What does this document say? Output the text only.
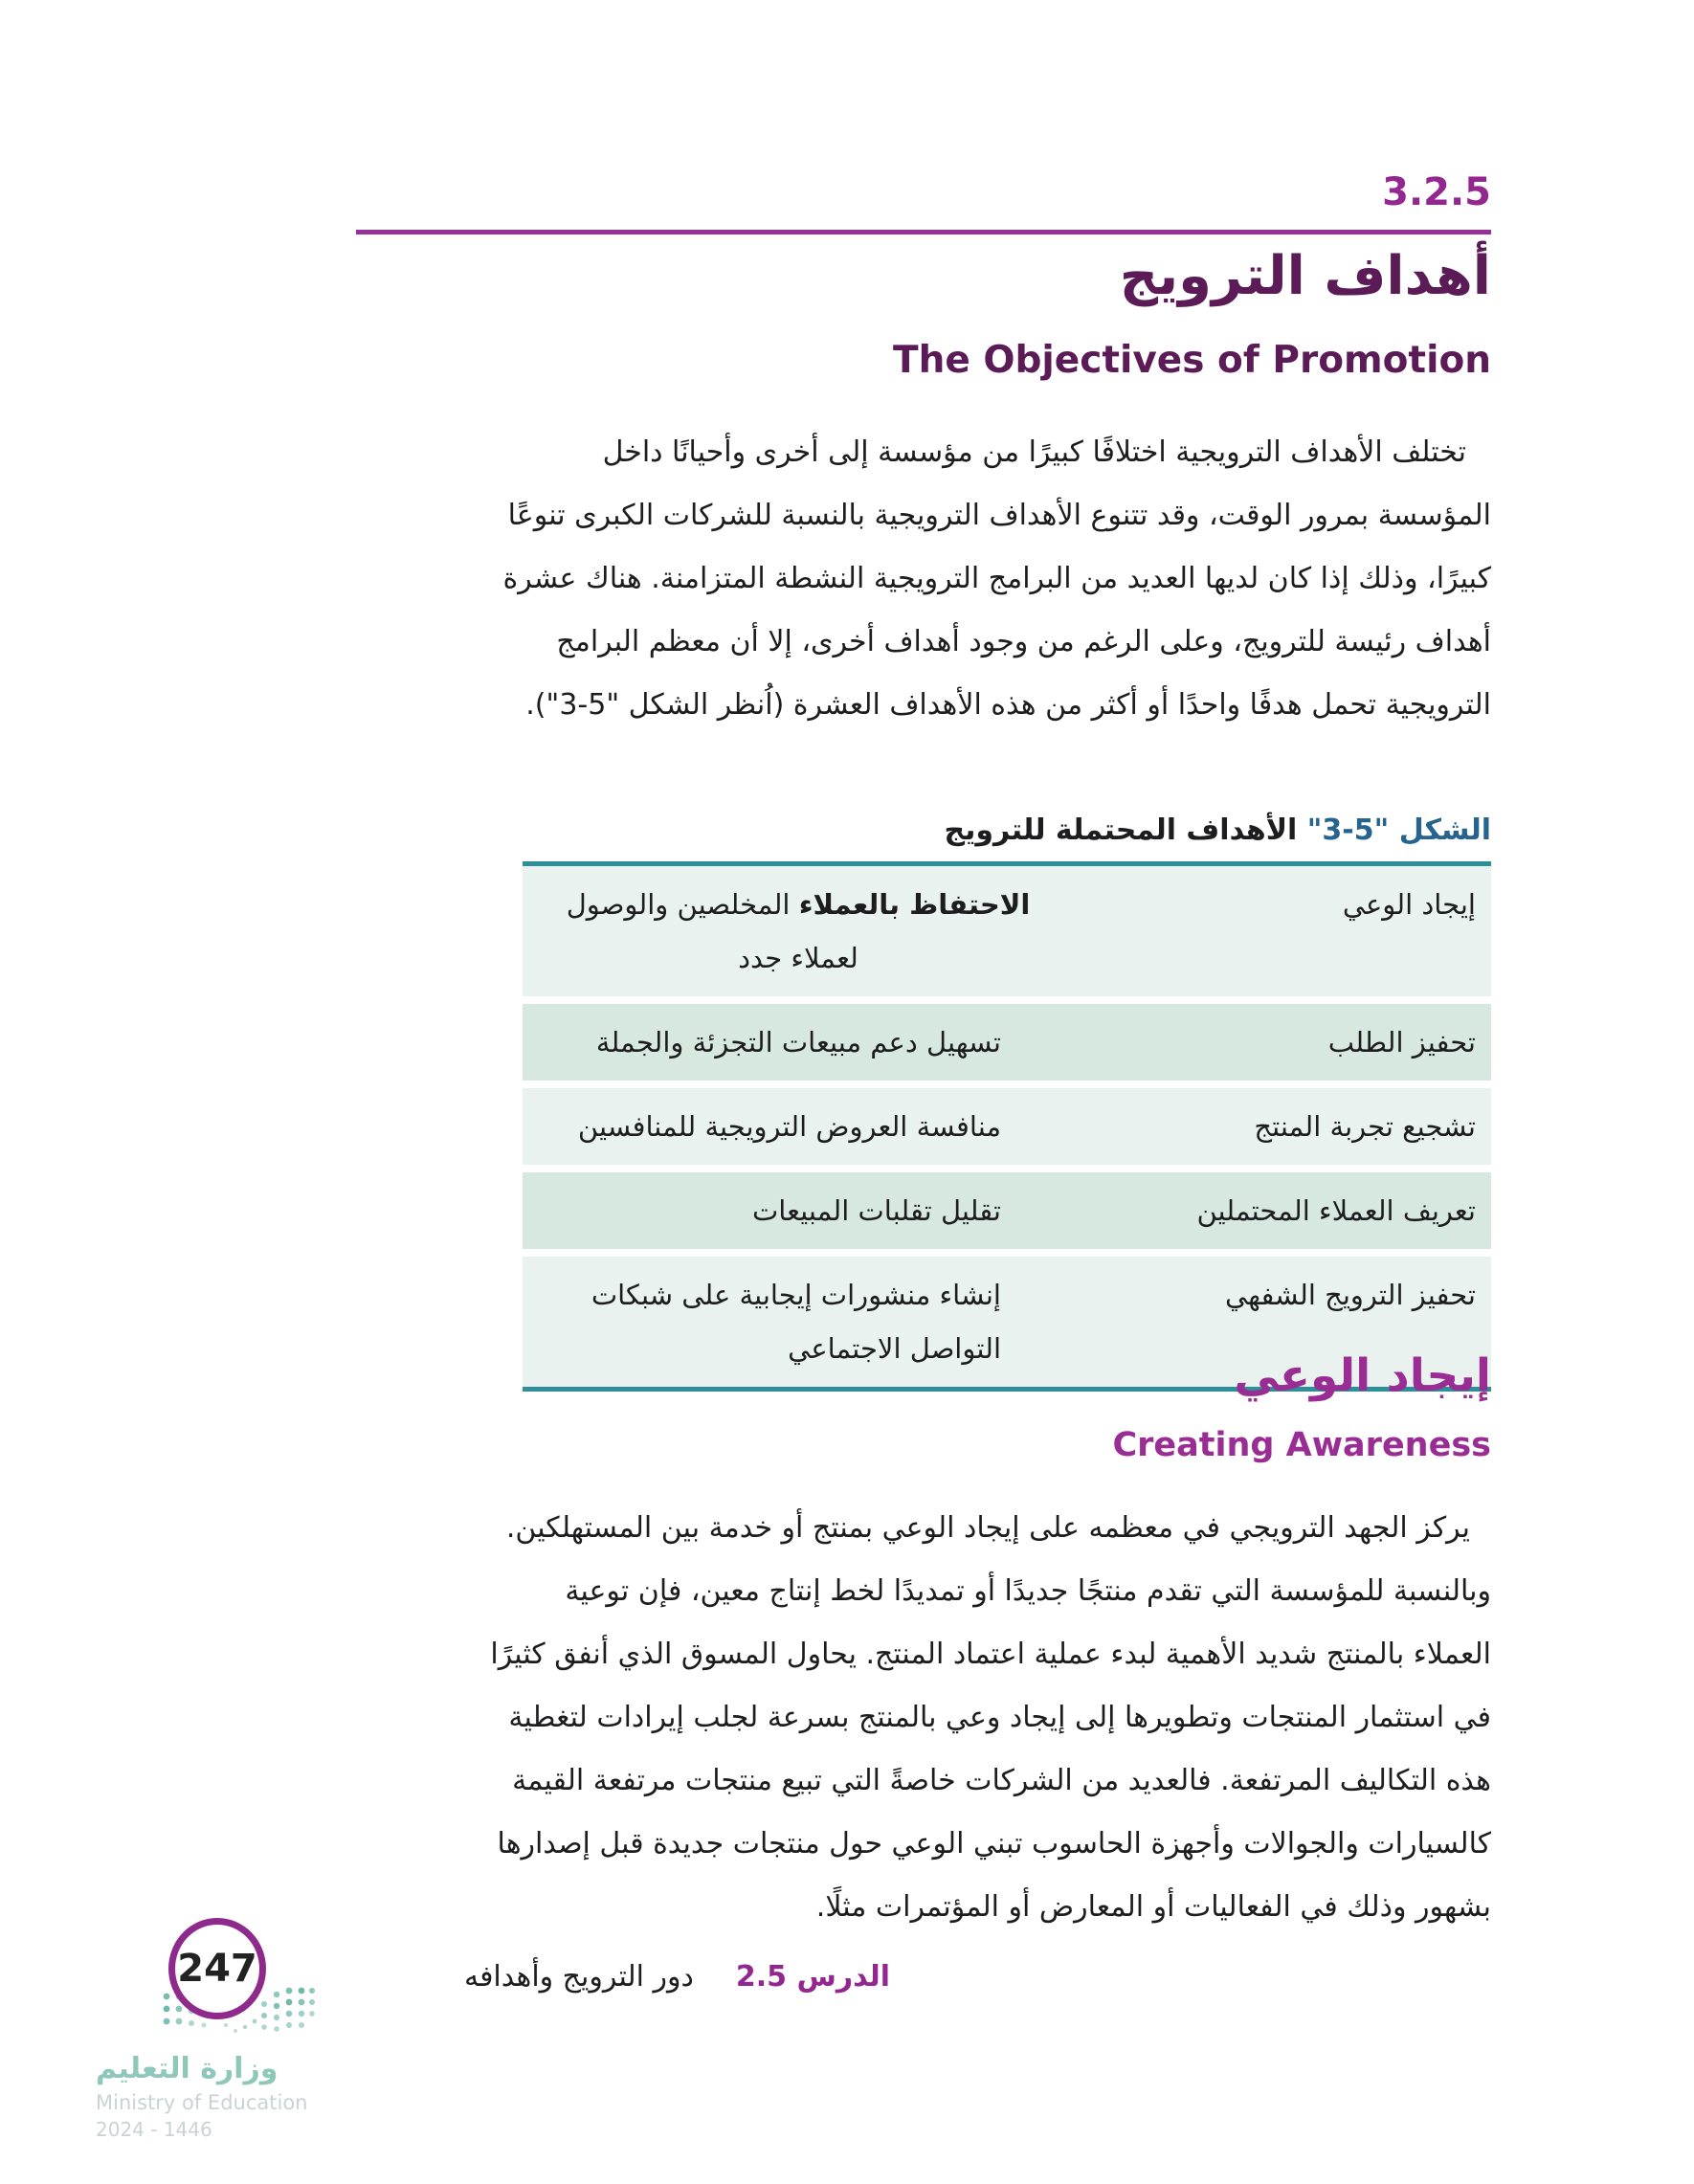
3.2.5
أهداف الترويج
The Objectives of Promotion

تختلف الأهداف الترويجية اختلافًا كبيرًا من مؤسسة إلى أخرى وأحيانًا داخل المؤسسة بمرور الوقت، وقد تتنوع الأهداف الترويجية بالنسبة للشركات الكبرى تنوعًا كبيرًا، وذلك إذا كان لديها العديد من البرامج الترويجية النشطة المتزامنة. هناك عشرة أهداف رئيسة للترويج، وعلى الرغم من وجود أهداف أخرى، إلا أن معظم البرامج الترويجية تحمل هدفًا واحدًا أو أكثر من هذه الأهداف العشرة (اُنظر الشكل "5-3").

الشكل "5-3" الأهداف المحتملة للترويج
إيجاد الوعي
الاحتفاظ بالعملاء المخلصين والوصول
لعملاء جدد
تحفيز الطلب
تسهيل دعم مبيعات التجزئة والجملة
تشجيع تجربة المنتج
منافسة العروض الترويجية للمنافسين
تعريف العملاء المحتملين
تقليل تقلبات المبيعات
تحفيز الترويج الشفهي
إنشاء منشورات إيجابية على شبكات
التواصل الاجتماعي
إيجاد الوعي
Creating Awareness

يركز الجهد الترويجي في معظمه على إيجاد الوعي بمنتج أو خدمة بين المستهلكين. وبالنسبة للمؤسسة التي تقدم منتجًا جديدًا أو تمديدًا لخط إنتاج معين، فإن توعية العملاء بالمنتج شديد الأهمية لبدء عملية اعتماد المنتج. يحاول المسوق الذي أنفق كثيرًا في استثمار المنتجات وتطويرها إلى إيجاد وعي بالمنتج بسرعة لجلب إيرادات لتغطية هذه التكاليف المرتفعة. فالعديد من الشركات خاصةً التي تبيع منتجات مرتفعة القيمة كالسيارات والجوالات وأجهزة الحاسوب تبني الوعي حول منتجات جديدة قبل إصدارها بشهور وذلك في الفعاليات أو المعارض أو المؤتمرات مثلًا.

الدرس 2.5
دور الترويج وأهدافه
247
وزارة التعليم
Ministry of Education
2024 - 1446
